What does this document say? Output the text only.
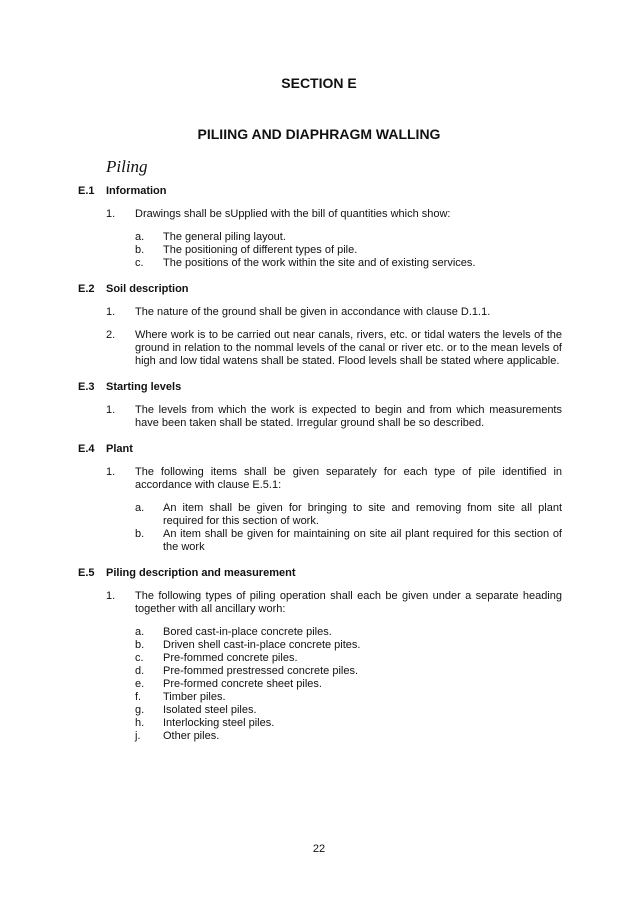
SECTION E
PILIING AND DIAPHRAGM WALLING
Piling
E.1	Information
1.	Drawings shall be sUpplied with the bill of quantities which show:
a.	The general piling layout.
b.	The positioning of different types of pile.
c.	The positions of the work within the site and of existing services.
E.2	Soil description
1.	The nature of the ground shall be given in accondance with clause D.1.1.
2.	Where work is to be carried out near canals, rivers, etc. or tidal waters the levels of the ground in relation to the nommal levels of the canal or river etc. or to the mean levels of high and low tidal watens shall be stated. Flood levels shall be stated where applicable.
E.3	Starting levels
1.	The levels from which the work is expected to begin and from which measurements have been taken shall be stated. Irregular ground shall be so described.
E.4	Plant
1.	The following items shall be given separately for each type of pile identified in accordance with clause E.5.1:
a.	An item shall be given for bringing to site and removing fnom site all plant required for this section of work.
b.	An item shall be given for maintaining on site ail plant required for this section of the work
E.5	Piling description and measurement
1.	The following types of piling operation shall each be given under a separate heading together with all ancillary worh:
a.	Bored cast-in-place concrete piles.
b.	Driven shell cast-in-place concrete pites.
c.	Pre-fommed concrete piles.
d.	Pre-fommed prestressed concrete piles.
e.	Pre-formed concrete sheet piles.
f.	Timber piles.
g.	Isolated steel piles.
h.	Interlocking steel piles.
j.	Other piles.
22
